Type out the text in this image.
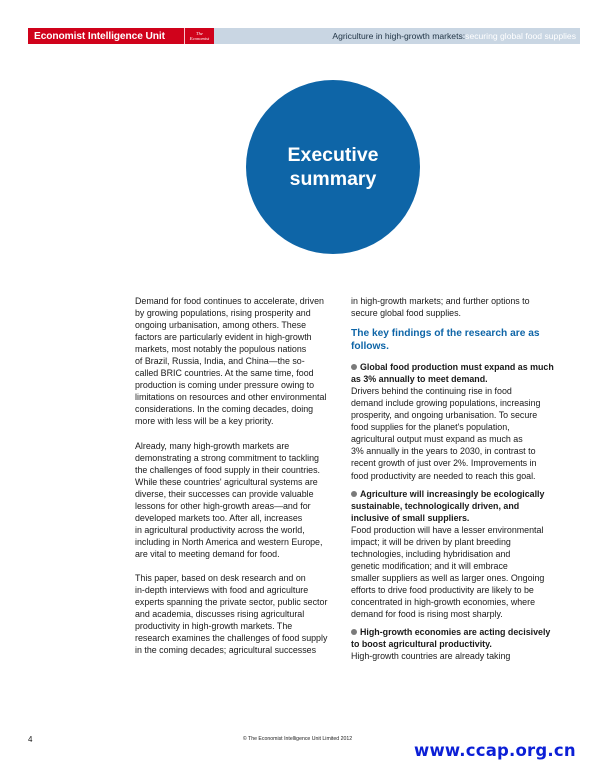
Economist Intelligence Unit	The
Economist	Agriculture in high-growth markets: securing global food supplies
Executive
summary

Demand for food continues to accelerate, driven
by growing populations, rising prosperity and
ongoing urbanisation, among others. These
factors are particularly evident in high-growth
markets, most notably the populous nations
of Brazil, Russia, India, and China—the so-
called BRIC countries. At the same time, food
production is coming under pressure owing to
limitations on resources and other environmental
considerations. In the coming decades, doing
more with less will be a key priority.

Already, many high-growth markets are
demonstrating a strong commitment to tackling
the challenges of food supply in their countries.
While these countries' agricultural systems are
diverse, their successes can provide valuable
lessons for other high-growth areas—and for
developed markets too. After all, increases
in agricultural productivity across the world,
including in North America and western Europe,
are vital to meeting demand for food.

This paper, based on desk research and on
in-depth interviews with food and agriculture
experts spanning the private sector, public sector
and academia, discusses rising agricultural
productivity in high-growth markets. The
research examines the challenges of food supply
in the coming decades; agricultural successes

in high-growth markets; and further options to
secure global food supplies.

The key findings of the research are as
follows.
Global food production must expand as much
as 3% annually to meet demand.
Drivers behind the continuing rise in food
demand include growing populations, increasing
prosperity, and ongoing urbanisation. To secure
food supplies for the planet's population,
agricultural output must expand as much as
3% annually in the years to 2030, in contrast to
recent growth of just over 2%. Improvements in
food productivity are needed to reach this goal.
Agriculture will increasingly be ecologically
sustainable, technologically driven, and
inclusive of small suppliers.
Food production will have a lesser environmental
impact; it will be driven by plant breeding
technologies, including hybridisation and
genetic modification; and it will embrace
smaller suppliers as well as larger ones. Ongoing
efforts to drive food productivity are likely to be
concentrated in high-growth economies, where
demand for food is rising most sharply.
High-growth economies are acting decisively
to boost agricultural productivity.
High-growth countries are already taking
4	© The Economist Intelligence Unit Limited 2012
www.ccap.org.cn
